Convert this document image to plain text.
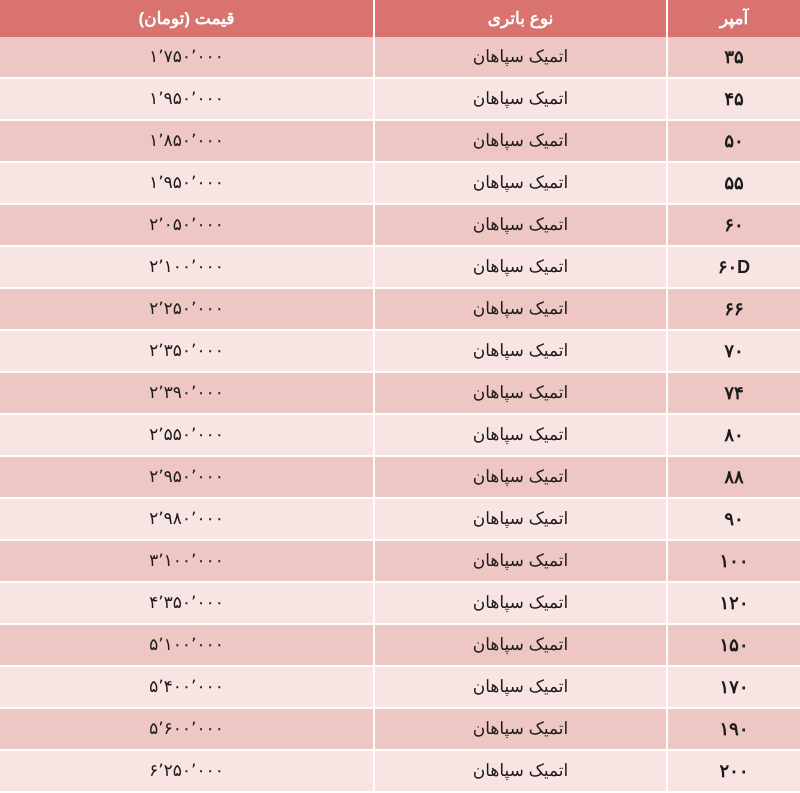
آمپر	نوع باتری	قیمت (تومان)
۳۵	اتمیک سپاهان	۱٬۷۵۰٬۰۰۰
۴۵	اتمیک سپاهان	۱٬۹۵۰٬۰۰۰
۵۰	اتمیک سپاهان	۱٬۸۵۰٬۰۰۰
۵۵	اتمیک سپاهان	۱٬۹۵۰٬۰۰۰
۶۰	اتمیک سپاهان	۲٬۰۵۰٬۰۰۰
۶۰D	اتمیک سپاهان	۲٬۱۰۰٬۰۰۰
۶۶	اتمیک سپاهان	۲٬۲۵۰٬۰۰۰
۷۰	اتمیک سپاهان	۲٬۳۵۰٬۰۰۰
۷۴	اتمیک سپاهان	۲٬۳۹۰٬۰۰۰
۸۰	اتمیک سپاهان	۲٬۵۵۰٬۰۰۰
۸۸	اتمیک سپاهان	۲٬۹۵۰٬۰۰۰
۹۰	اتمیک سپاهان	۲٬۹۸۰٬۰۰۰
۱۰۰	اتمیک سپاهان	۳٬۱۰۰٬۰۰۰
۱۲۰	اتمیک سپاهان	۴٬۳۵۰٬۰۰۰
۱۵۰	اتمیک سپاهان	۵٬۱۰۰٬۰۰۰
۱۷۰	اتمیک سپاهان	۵٬۴۰۰٬۰۰۰
۱۹۰	اتمیک سپاهان	۵٬۶۰۰٬۰۰۰
۲۰۰	اتمیک سپاهان	۶٬۲۵۰٬۰۰۰
